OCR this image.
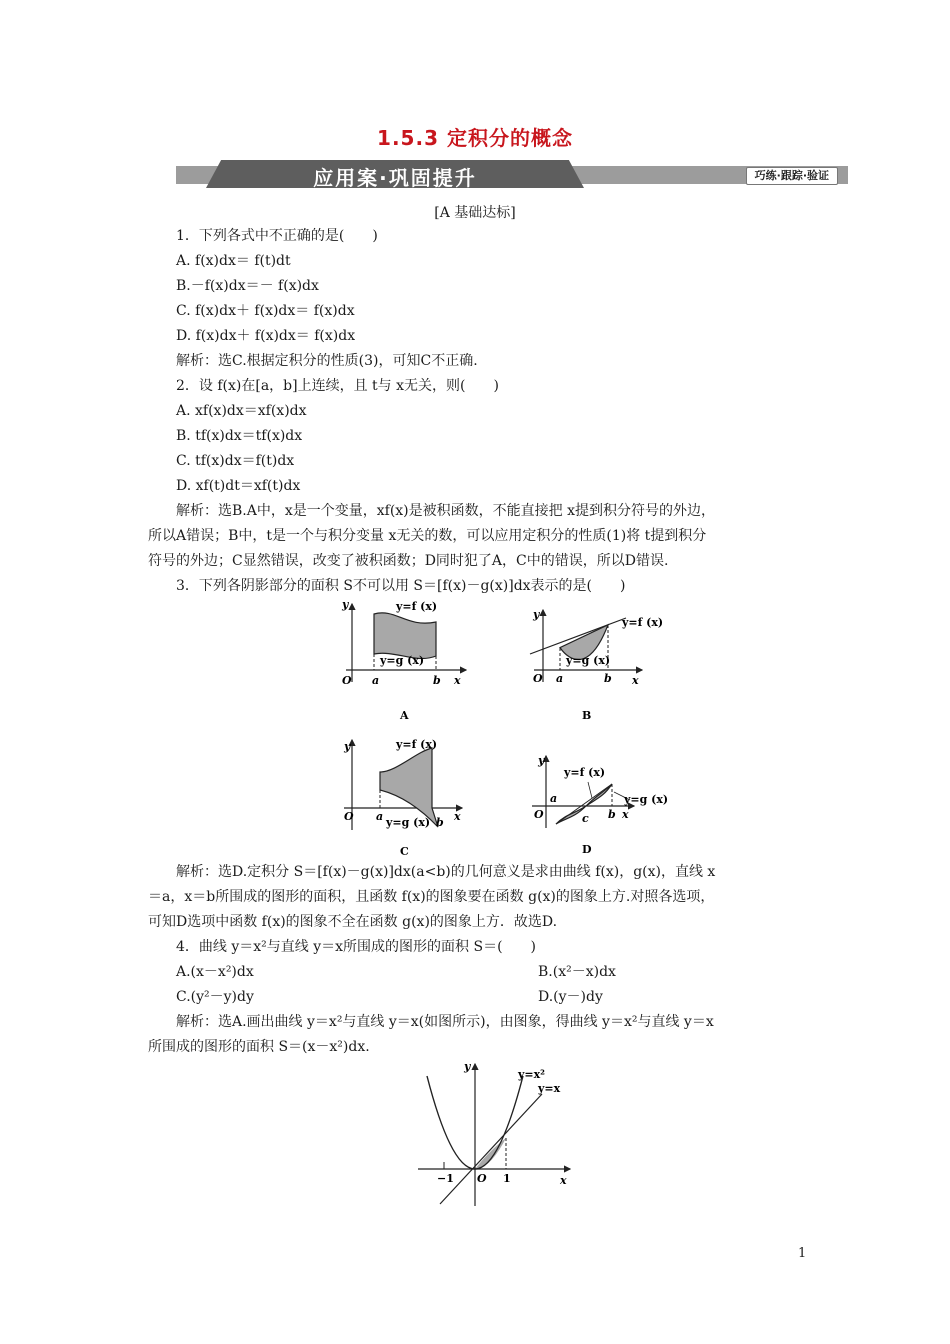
1.5.3 定积分的概念
应用案·巩固提升	巧练·跟踪·验证
[A 基础达标]
1．下列各式中不正确的是(　　)
A. f(x)dx＝ f(t)dt
B.－f(x)dx＝－ f(x)dx
C. f(x)dx＋ f(x)dx＝ f(x)dx
D. f(x)dx＋ f(x)dx＝ f(x)dx
解析：选C.根据定积分的性质(3)，可知C不正确.
2．设 f(x)在[a，b]上连续，且 t与 x无关，则(　　)
A. xf(x)dx＝xf(x)dx
B. tf(x)dx＝tf(x)dx
C. tf(x)dx＝f(t)dx
D. xf(t)dt＝xf(t)dx
解析：选B.A中，x是一个变量，xf(x)是被积函数，不能直接把 x提到积分符号的外边，
所以A错误；B中，t是一个与积分变量 x无关的数，可以应用定积分的性质(1)将 t提到积分
符号的外边；C显然错误，改变了被积函数；D同时犯了A，C中的错误，所以D错误.
3．下列各阴影部分的面积 S不可以用 S＝[f(x)－g(x)]dx表示的是(　　)
y=f (x)
y=g (x)
y
O a	b x
A
y=f (x)
y=g (x)
y
O a	b x
B
y=f (x)
y=g (x)
y
O a	b x
C
y=f (x)
y=g (x)
y
O
a
c b x
D
解析：选D.定积分 S＝[f(x)－g(x)]dx(a<b)的几何意义是求由曲线 f(x)，g(x)，直线 x
＝a，x＝b所围成的图形的面积，且函数 f(x)的图象要在函数 g(x)的图象上方.对照各选项，
可知D选项中函数 f(x)的图象不全在函数 g(x)的图象上方．故选D.
4．曲线 y＝x²与直线 y＝x所围成的图形的面积 S＝(　　)
A.(x－x²)dx	B.(x²－x)dx
C.(y²－y)dy	D.(y－)dy
解析：选A.画出曲线 y＝x²与直线 y＝x(如图所示)，由图象，得曲线 y＝x²与直线 y＝x
所围成的图形的面积 S＝(x－x²)dx.
y=x²
y=x
y
O
−1	1	x
1
